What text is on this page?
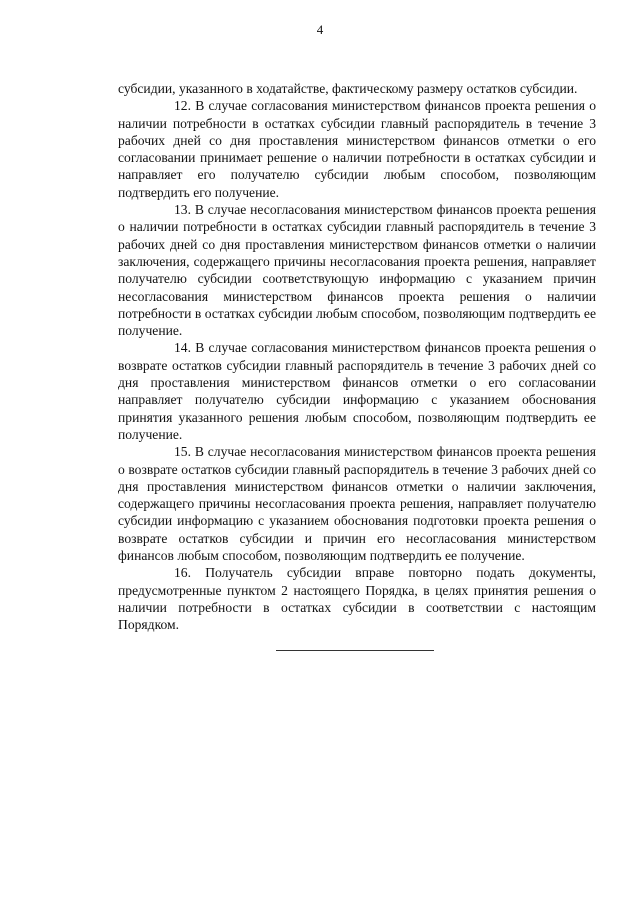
4

субсидии, указанного в ходатайстве, фактическому размеру остатков субсидии.

12. В случае согласования министерством финансов проекта решения о наличии потребности в остатках субсидии главный распорядитель в течение 3 рабочих дней со дня проставления министерством финансов отметки о его согласовании принимает решение о наличии потребности в остатках субсидии и направляет его получателю субсидии любым способом, позволяющим подтвердить его получение.

13. В случае несогласования министерством финансов проекта решения о наличии потребности в остатках субсидии главный распорядитель в течение 3 рабочих дней со дня проставления министерством финансов отметки о наличии заключения, содержащего причины несогласования проекта решения, направляет получателю субсидии соответствующую информацию с указанием причин несогласования министерством финансов проекта решения о наличии потребности в остатках субсидии любым способом, позволяющим подтвердить ее получение.

14. В случае согласования министерством финансов проекта решения о возврате остатков субсидии главный распорядитель в течение 3 рабочих дней со дня проставления министерством финансов отметки о его согласовании направляет получателю субсидии информацию с указанием обоснования принятия указанного решения любым способом, позволяющим подтвердить ее получение.

15. В случае несогласования министерством финансов проекта решения о возврате остатков субсидии главный распорядитель в течение 3 рабочих дней со дня проставления министерством финансов отметки о наличии заключения, содержащего причины несогласования проекта решения, направляет получателю субсидии информацию с указанием обоснования подготовки проекта решения о возврате остатков субсидии и причин его несогласования министерством финансов любым способом, позволяющим подтвердить ее получение.

16. Получатель субсидии вправе повторно подать документы, предусмотренные пунктом 2 настоящего Порядка, в целях принятия решения о наличии потребности в остатках субсидии в соответствии с настоящим Порядком.
